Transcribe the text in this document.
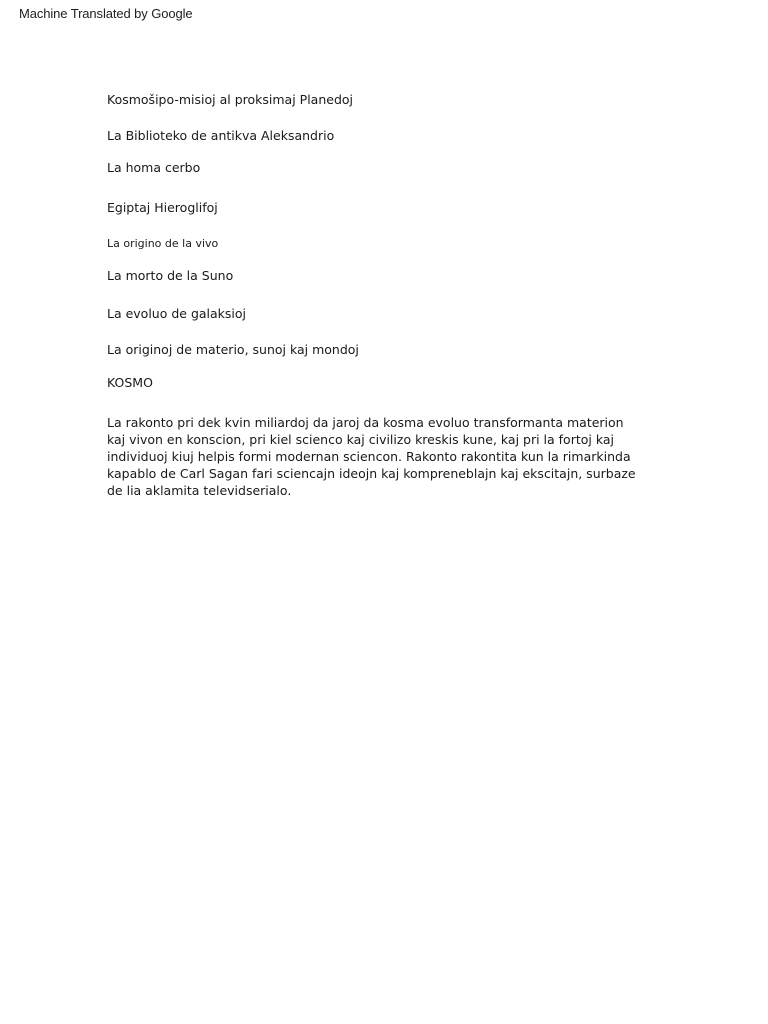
Machine Translated by Google
Kosmošipo-misioj al proksimaj Planedoj
La Biblioteko de antikva Aleksandrio
La homa cerbo
Egiptaj Hieroglifoj
La origino de la vivo
La morto de la Suno
La evoluo de galaksioj
La originoj de materio, sunoj kaj mondoj
KOSMO
La rakonto pri dek kvin miliardoj da jaroj da kosma evoluo transformanta materion kaj vivon en konscion, pri kiel scienco kaj civilizo kreskis kune, kaj pri la fortoj kaj individuoj kiuj helpis formi modernan sciencon. Rakonto rakontita kun la rimarkinda kapablo de Carl Sagan fari sciencajn ideojn kaj kompreneblajn kaj ekscitajn, surbaze de lia aklamita televidserialo.
